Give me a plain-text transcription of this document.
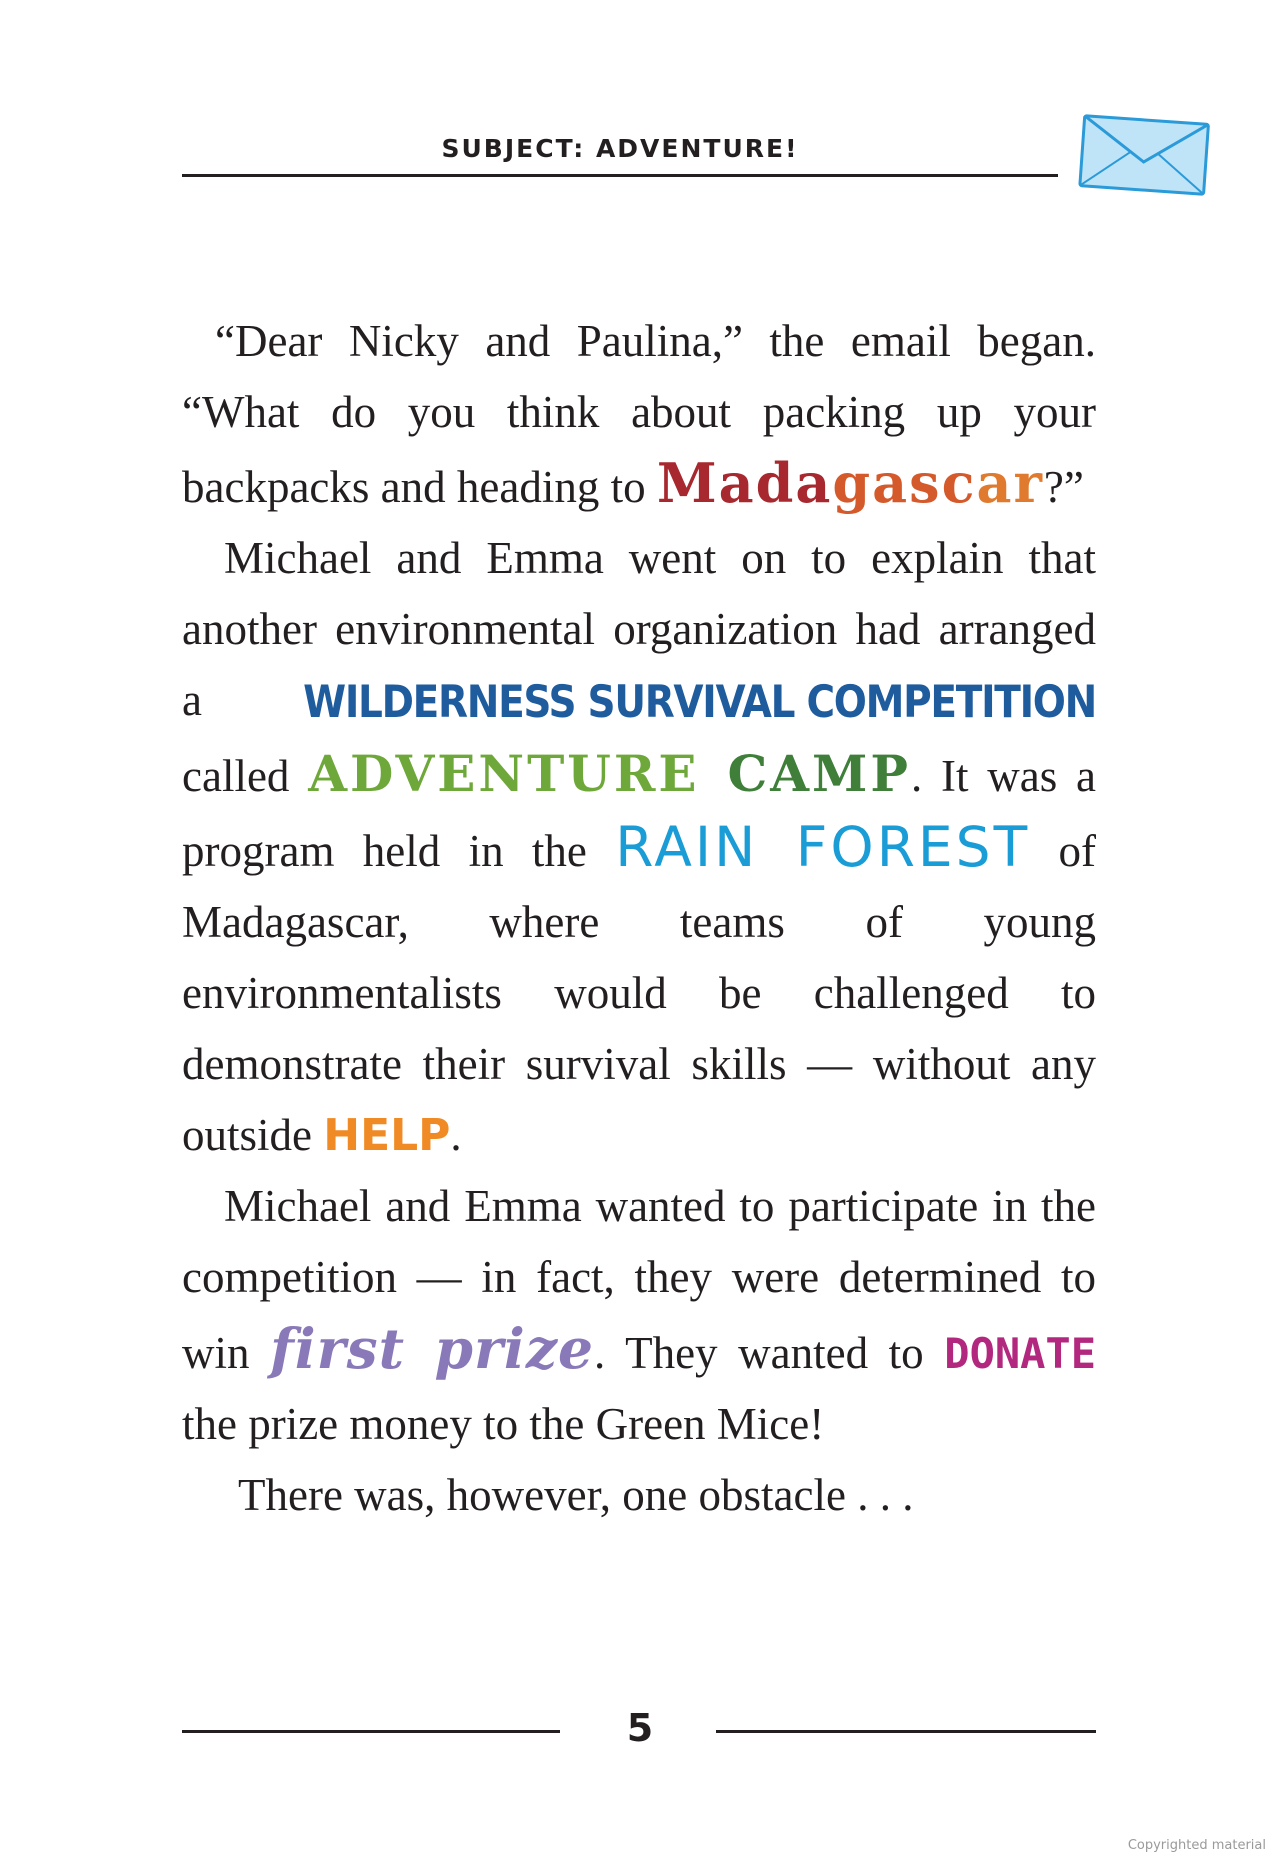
SUBJECT: ADVENTURE!

“Dear Nicky and Paulina,” the email began. “What do you think about packing up your backpacks and heading to Madagascar?”

Michael and Emma went on to explain that another environmental organization had arranged a WILDERNESS SURVIVAL COMPETITION called ADVENTURE CAMP. It was a program held in the RAIN FOREST of Madagascar, where teams of young environmentalists would be challenged to demonstrate their survival skills — without any outside HELP.

Michael and Emma wanted to participate in the competition — in fact, they were determined to win first prize. They wanted to DONATE the prize money to the Green Mice!

There was, however, one obstacle . . .

5
Copyrighted material
